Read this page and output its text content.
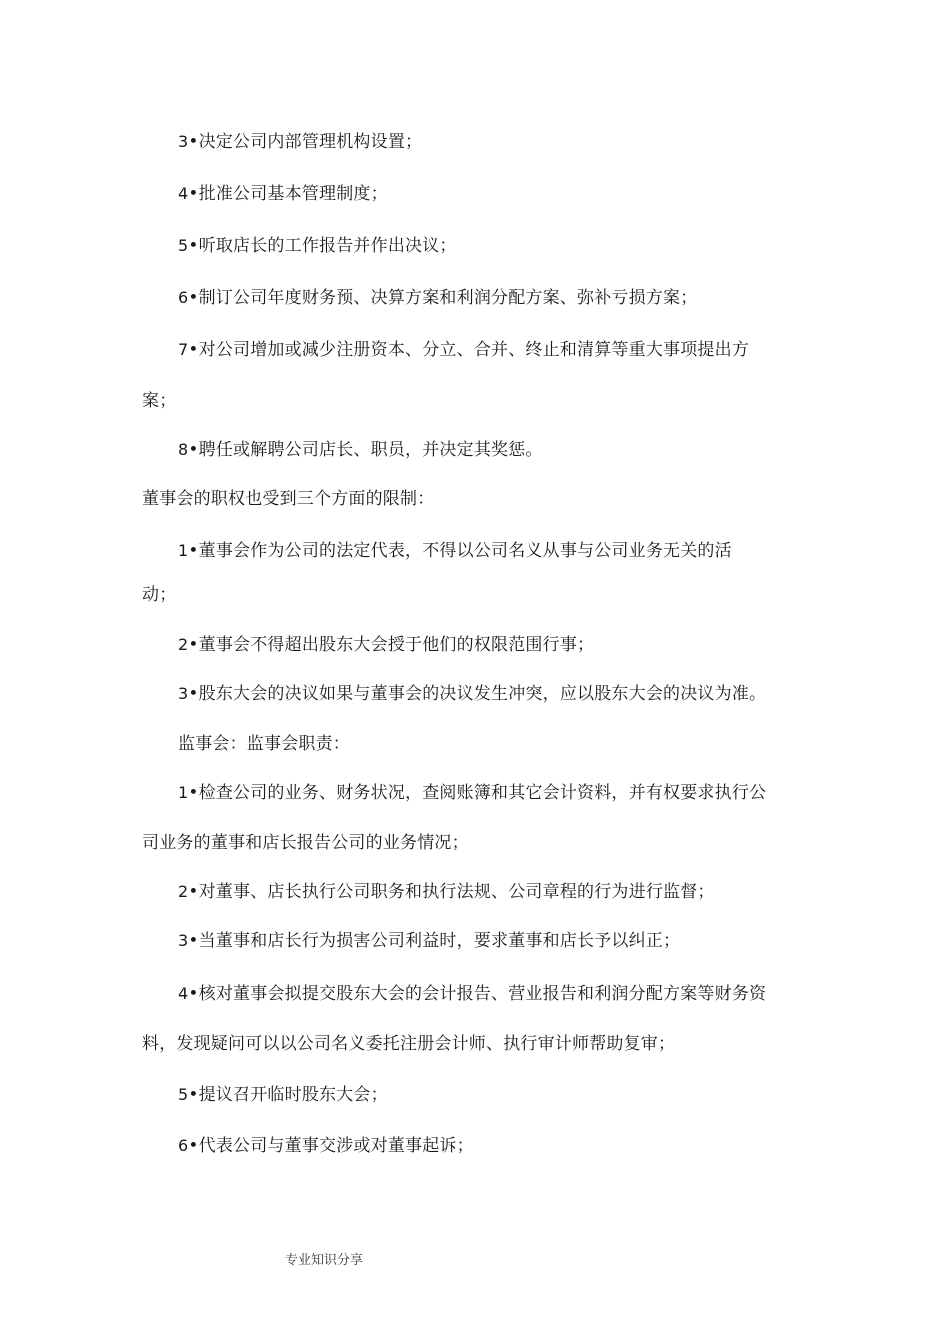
3•决定公司内部管理机构设置；
4•批准公司基本管理制度；
5•听取店长的工作报告并作出决议；
6•制订公司年度财务预、决算方案和利润分配方案、弥补亏损方案；
7•对公司增加或减少注册资本、分立、合并、终止和清算等重大事项提出方
案；
8•聘任或解聘公司店长、职员，并决定其奖惩。
董事会的职权也受到三个方面的限制：
1•董事会作为公司的法定代表，不得以公司名义从事与公司业务无关的活
动；
2•董事会不得超出股东大会授于他们的权限范围行事；
3•股东大会的决议如果与董事会的决议发生冲突，应以股东大会的决议为准。
监事会：监事会职责：
1•检查公司的业务、财务状况，查阅账簿和其它会计资料，并有权要求执行公
司业务的董事和店长报告公司的业务情况；
2•对董事、店长执行公司职务和执行法规、公司章程的行为进行监督；
3•当董事和店长行为损害公司利益时，要求董事和店长予以纠正；
4•核对董事会拟提交股东大会的会计报告、营业报告和利润分配方案等财务资
料，发现疑问可以以公司名义委托注册会计师、执行审计师帮助复审；
5•提议召开临时股东大会；
6•代表公司与董事交涉或对董事起诉；
专业知识分享
